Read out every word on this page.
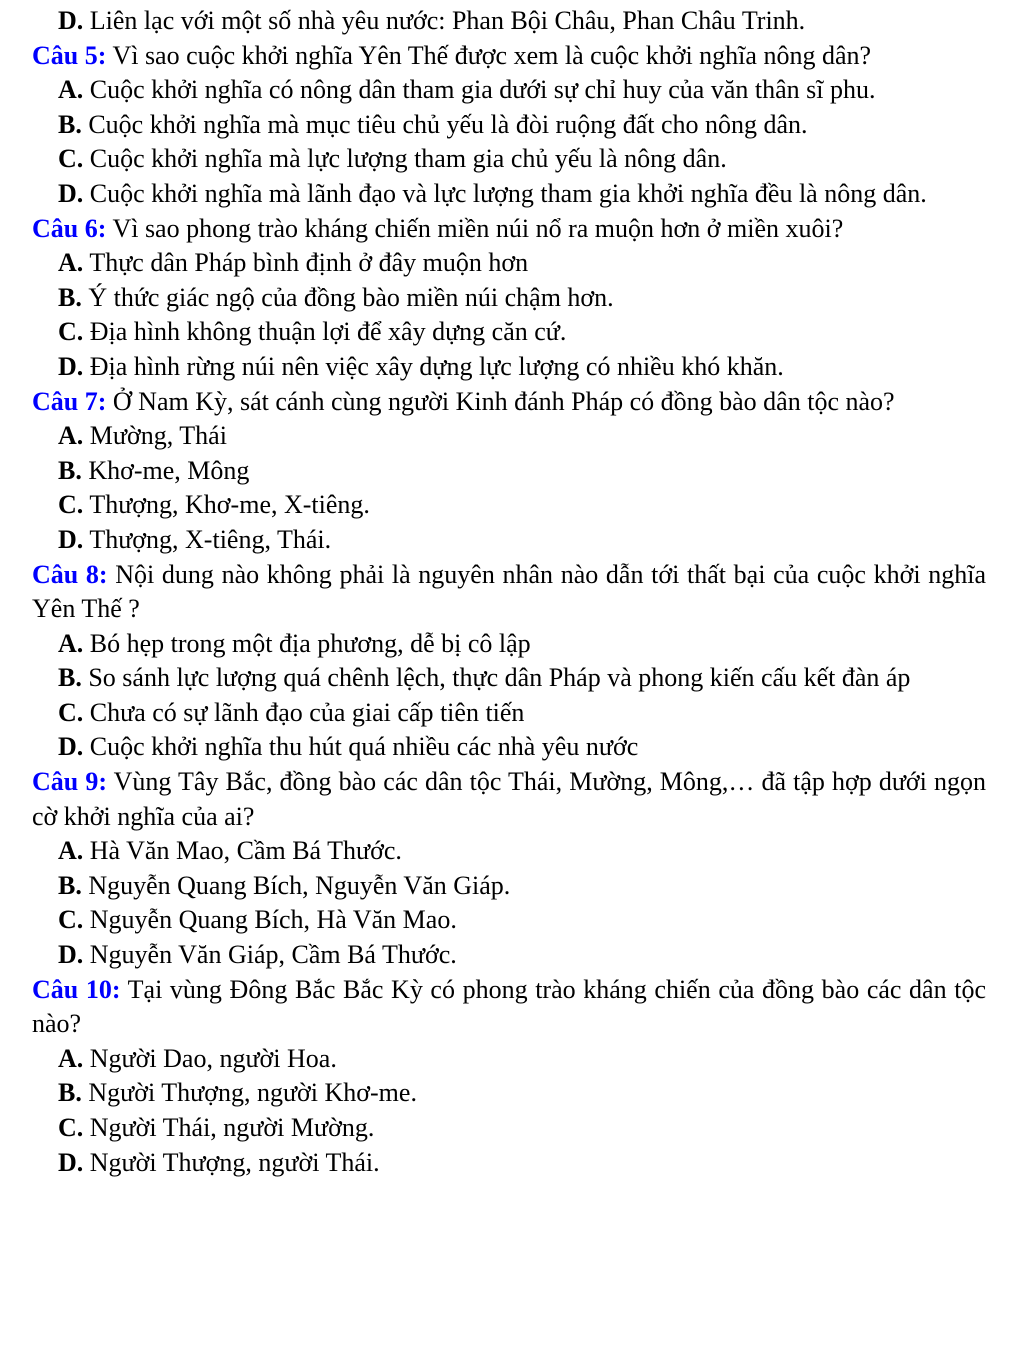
D. Liên lạc với một số nhà yêu nước: Phan Bội Châu, Phan Châu Trinh.

Câu 5: Vì sao cuộc khởi nghĩa Yên Thế được xem là cuộc khởi nghĩa nông dân?

A. Cuộc khởi nghĩa có nông dân tham gia dưới sự chỉ huy của văn thân sĩ phu.

B. Cuộc khởi nghĩa mà mục tiêu chủ yếu là đòi ruộng đất cho nông dân.

C. Cuộc khởi nghĩa mà lực lượng tham gia chủ yếu là nông dân.

D. Cuộc khởi nghĩa mà lãnh đạo và lực lượng tham gia khởi nghĩa đều là nông dân.

Câu 6: Vì sao phong trào kháng chiến miền núi nổ ra muộn hơn ở miền xuôi?

A. Thực dân Pháp bình định ở đây muộn hơn

B. Ý thức giác ngộ của đồng bào miền núi chậm hơn.

C. Địa hình không thuận lợi để xây dựng căn cứ.

D. Địa hình rừng núi nên việc xây dựng lực lượng có nhiều khó khăn.

Câu 7: Ở Nam Kỳ, sát cánh cùng người Kinh đánh Pháp có đồng bào dân tộc nào?

A. Mường, Thái

B. Khơ-me, Mông

C. Thượng, Khơ-me, X-tiêng.

D. Thượng, X-tiêng, Thái.

Câu 8: Nội dung nào không phải là nguyên nhân nào dẫn tới thất bại của cuộc khởi nghĩa Yên Thế ?

A. Bó hẹp trong một địa phương, dễ bị cô lập

B. So sánh lực lượng quá chênh lệch, thực dân Pháp và phong kiến cấu kết đàn áp

C. Chưa có sự lãnh đạo của giai cấp tiên tiến

D. Cuộc khởi nghĩa thu hút quá nhiều các nhà yêu nước

Câu 9: Vùng Tây Bắc, đồng bào các dân tộc Thái, Mường, Mông,… đã tập hợp dưới ngọn cờ khởi nghĩa của ai?

A. Hà Văn Mao, Cầm Bá Thước.

B. Nguyễn Quang Bích, Nguyễn Văn Giáp.

C. Nguyễn Quang Bích, Hà Văn Mao.

D. Nguyễn Văn Giáp, Cầm Bá Thước.

Câu 10: Tại vùng Đông Bắc Bắc Kỳ có phong trào kháng chiến của đồng bào các dân tộc nào?

A. Người Dao, người Hoa.

B. Người Thượng, người Khơ-me.

C. Người Thái, người Mường.

D. Người Thượng, người Thái.
